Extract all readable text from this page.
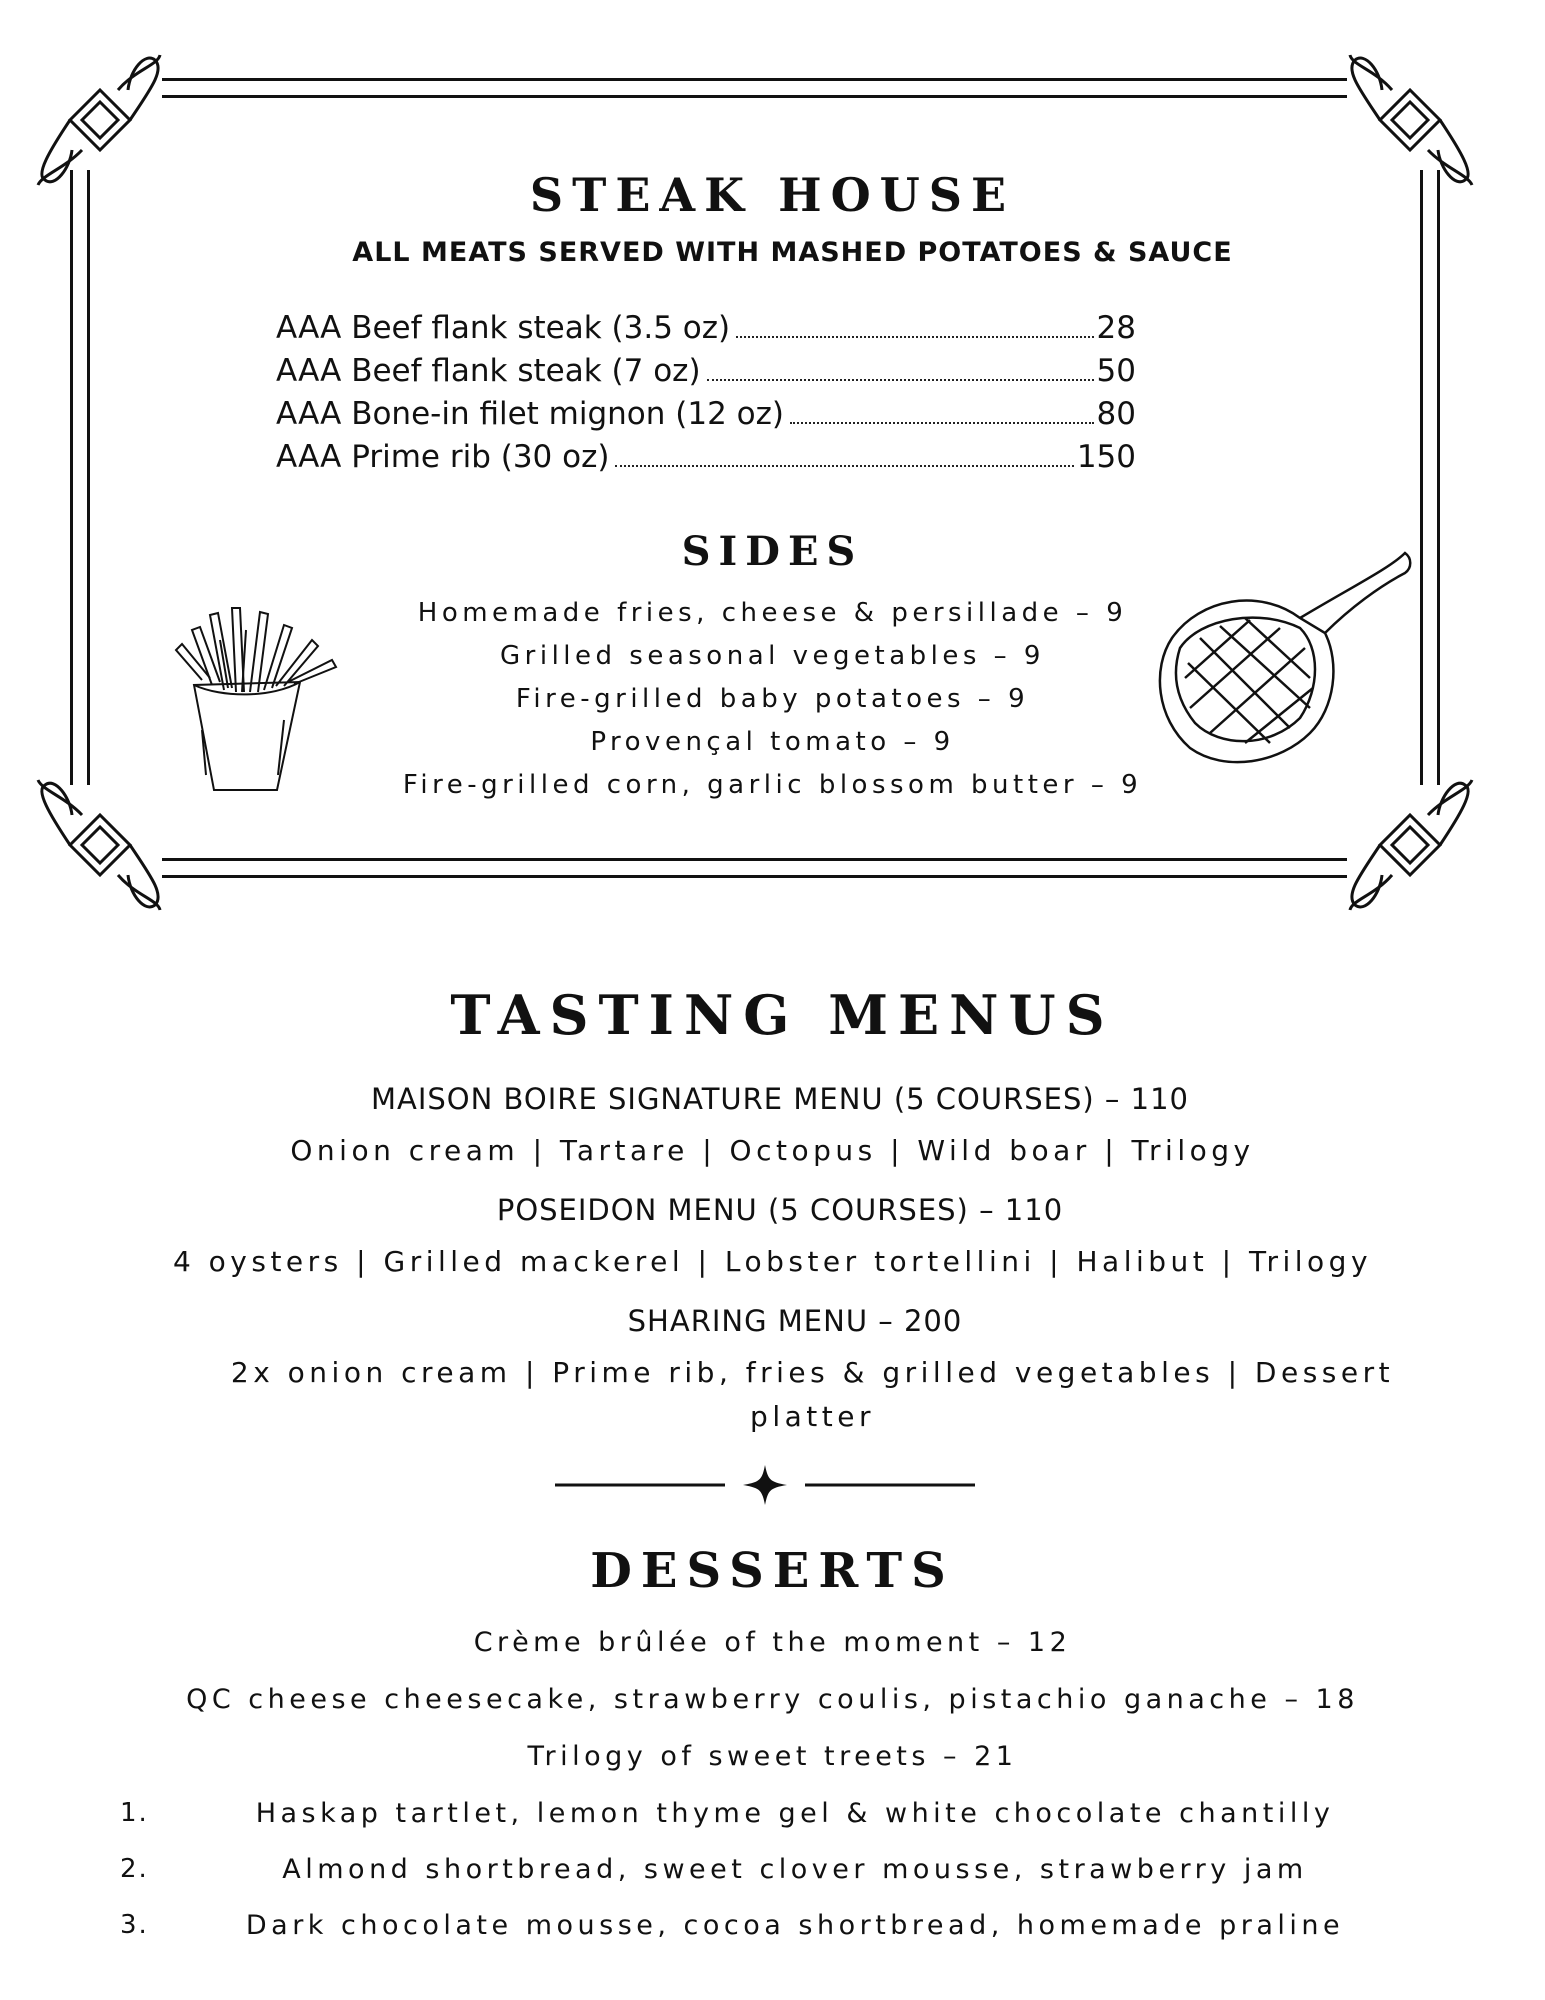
STEAK HOUSE
ALL MEATS SERVED WITH MASHED POTATOES & SAUCE
AAA Beef flank steak (3.5 oz)	28
AAA Beef flank steak (7 oz)	50
AAA Bone-in filet mignon (12 oz)	80
AAA Prime rib (30 oz)	150
SIDES
Homemade fries, cheese & persillade – 9
Grilled seasonal vegetables – 9
Fire-grilled baby potatoes – 9
Provençal tomato – 9
Fire-grilled corn, garlic blossom butter – 9
TASTING MENUS
MAISON BOIRE SIGNATURE MENU (5 COURSES) – 110
Onion cream | Tartare | Octopus | Wild boar | Trilogy
POSEIDON MENU (5 COURSES) – 110
4 oysters | Grilled mackerel | Lobster tortellini | Halibut | Trilogy
SHARING MENU – 200
2x onion cream | Prime rib, fries & grilled vegetables | Dessert
platter
DESSERTS
Crème brûlée of the moment – 12
QC cheese cheesecake, strawberry coulis, pistachio ganache – 18
Trilogy of sweet treets – 21
1.	Haskap tartlet, lemon thyme gel & white chocolate chantilly
2.	Almond shortbread, sweet clover mousse, strawberry jam
3.	Dark chocolate mousse, cocoa shortbread, homemade praline
